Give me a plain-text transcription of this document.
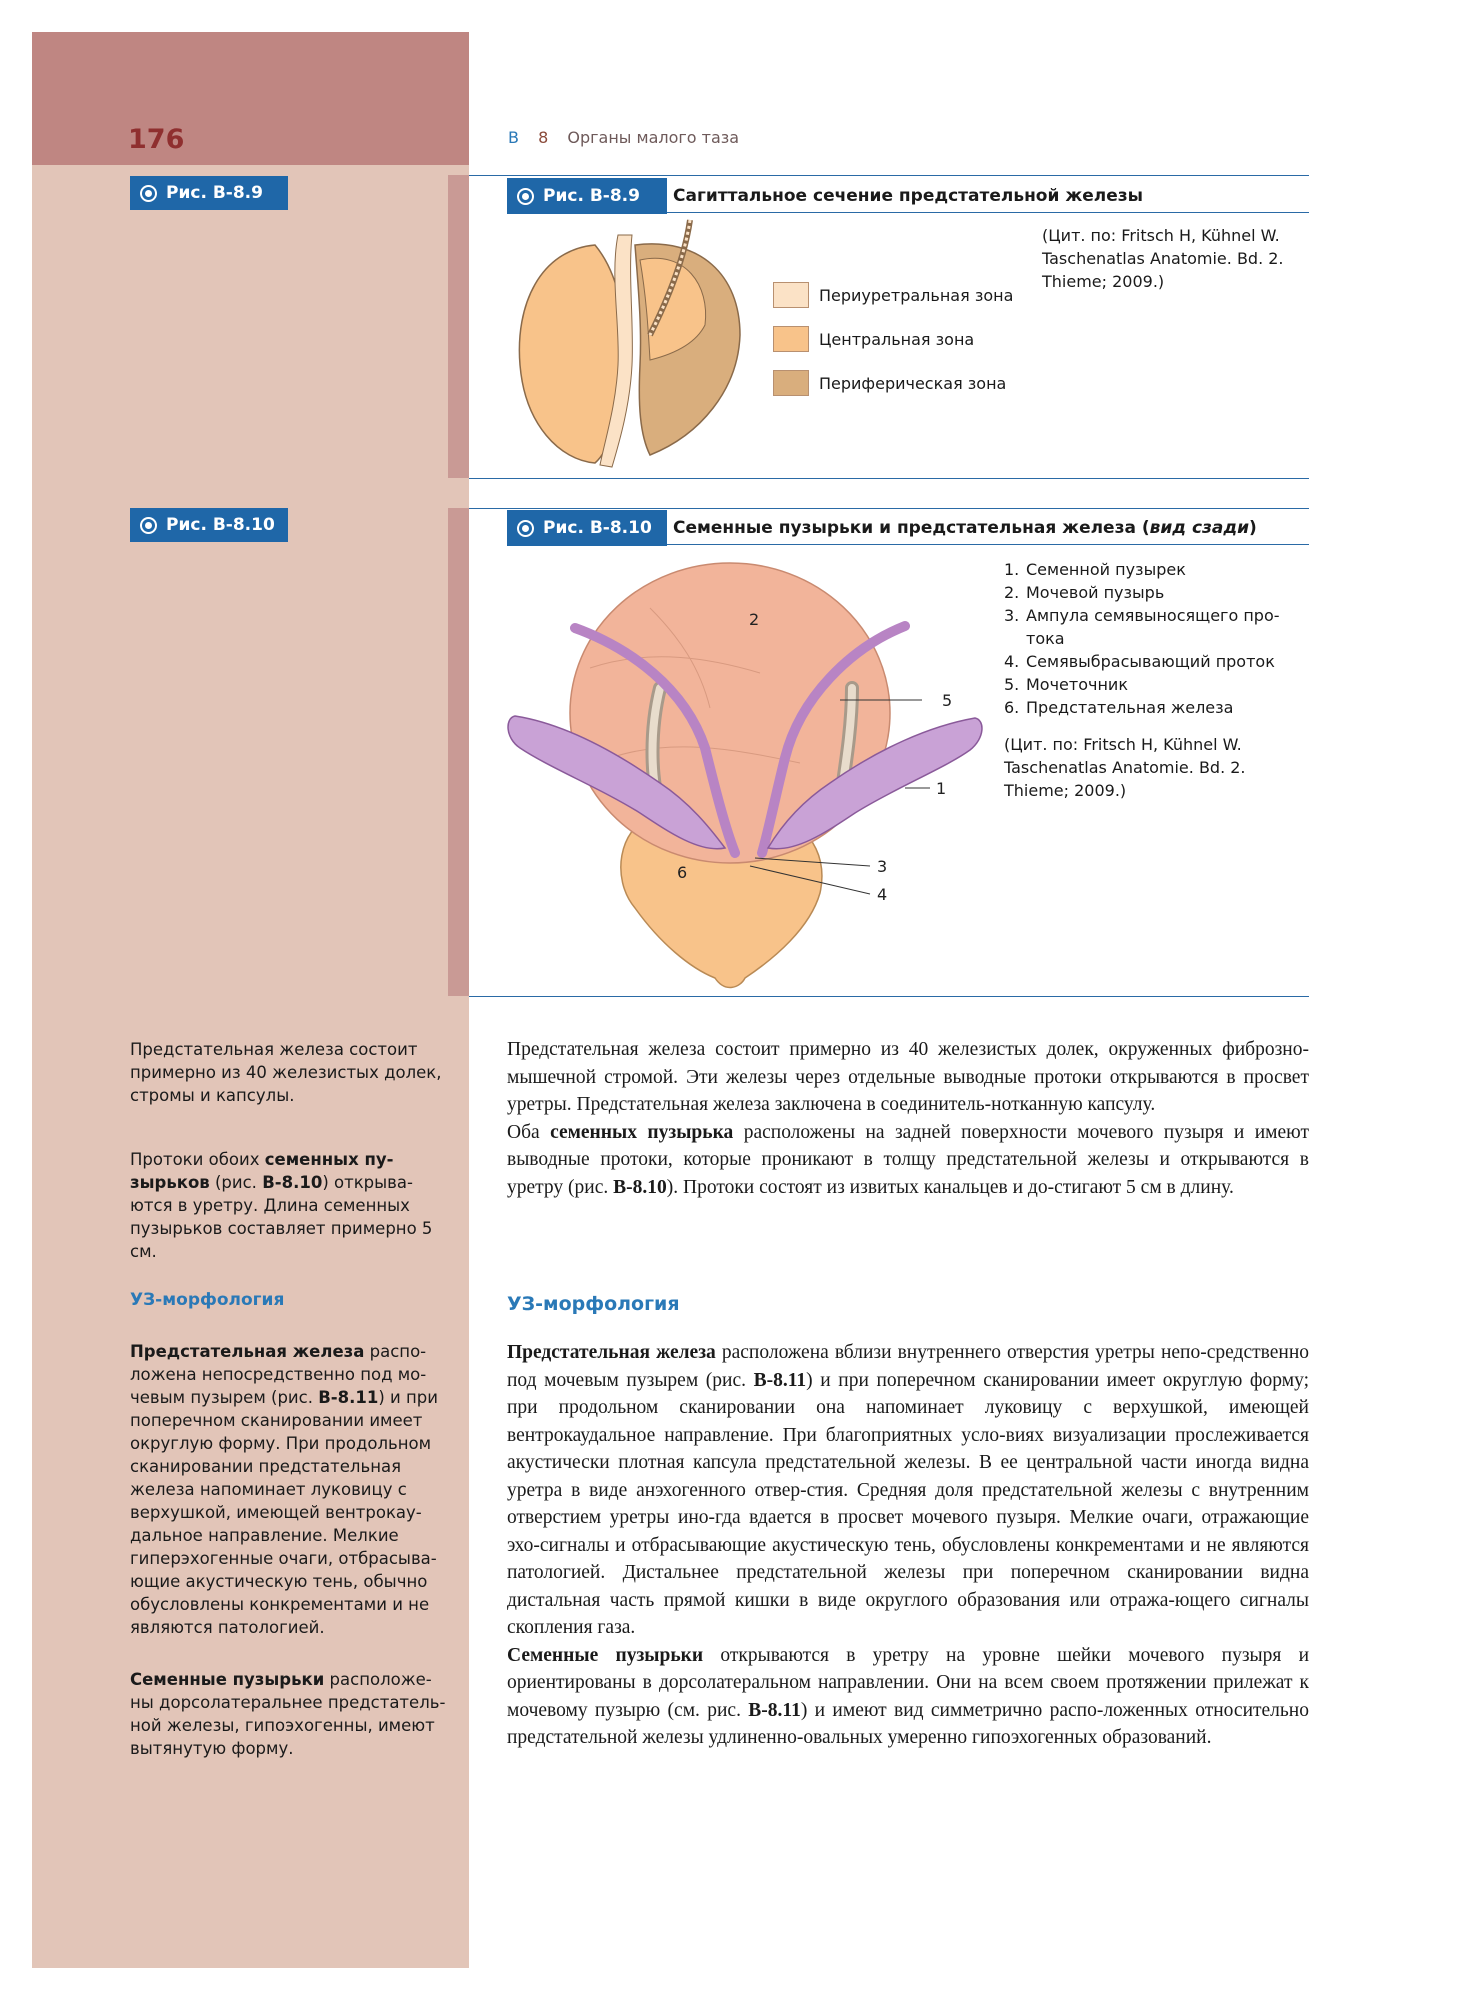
176	B 8 Органы малого таза
Рис. B-8.9	Рис. B-8.9 Сагиттальное сечение предстательной железы
Периуретральная зона
Центральная зона
Периферическая зона
(Цит. по: Fritsch H, Kühnel W. Taschenatlas Anatomie. Bd. 2. Thieme; 2009.)
Рис. B-8.10	Рис. B-8.10 Семенные пузырьки и предстательная железа (вид сзади)
1
2
3
4
5
6
1. Семенной пузырек
2. Мочевой пузырь
3. Ампула семявыносящего про-тока
4. Семявыбрасывающий проток
5. Мочеточник
6. Предстательная железа
(Цит. по: Fritsch H, Kühnel W. Taschenatlas Anatomie. Bd. 2. Thieme; 2009.)
Предстательная железа состоит примерно из 40 железистых долек, стромы и капсулы.
Протоки обоих семенных пу-зырьков (рис. B-8.10) открыва-ются в уретру. Длина семенных пузырьков составляет примерно 5 см.
УЗ-морфология
Предстательная железа распо-ложена непосредственно под мо-чевым пузырем (рис. B-8.11) и при поперечном сканировании имеет округлую форму. При продольном сканировании предстательная железа напоминает луковицу с верхушкой, имеющей вентрокау-дальное направление. Мелкие гиперэхогенные очаги, отбрасыва-ющие акустическую тень, обычно обусловлены конкрементами и не являются патологией.
Семенные пузырьки расположе-ны дорсолатеральнее предстатель-ной железы, гипоэхогенны, имеют вытянутую форму.

Предстательная железа состоит примерно из 40 железистых долек, окруженных фиброзно-мышечной стромой. Эти железы через отдельные выводные протоки открываются в просвет уретры. Предстательная железа заключена в соединитель-нотканную капсулу.

Оба семенных пузырька расположены на задней поверхности мочевого пузыря и имеют выводные протоки, которые проникают в толщу предстательной железы и открываются в уретру (рис. B-8.10). Протоки состоят из извитых канальцев и до-стигают 5 см в длину.

УЗ-морфология

Предстательная железа расположена вблизи внутреннего отверстия уретры непо-средственно под мочевым пузырем (рис. B-8.11) и при поперечном сканировании имеет округлую форму; при продольном сканировании она напоминает луковицу с верхушкой, имеющей вентрокаудальное направление. При благоприятных усло-виях визуализации прослеживается акустически плотная капсула предстательной железы. В ее центральной части иногда видна уретра в виде анэхогенного отвер-стия. Средняя доля предстательной железы с внутренним отверстием уретры ино-гда вдается в просвет мочевого пузыря. Мелкие очаги, отражающие эхо-сигналы и отбрасывающие акустическую тень, обусловлены конкрементами и не являются патологией. Дистальнее предстательной железы при поперечном сканировании видна дистальная часть прямой кишки в виде округлого образования или отража-ющего сигналы скопления газа.

Семенные пузырьки открываются в уретру на уровне шейки мочевого пузыря и ориентированы в дорсолатеральном направлении. Они на всем своем протяжении прилежат к мочевому пузырю (см. рис. B-8.11) и имеют вид симметрично распо-ложенных относительно предстательной железы удлиненно-овальных умеренно гипоэхогенных образований.
